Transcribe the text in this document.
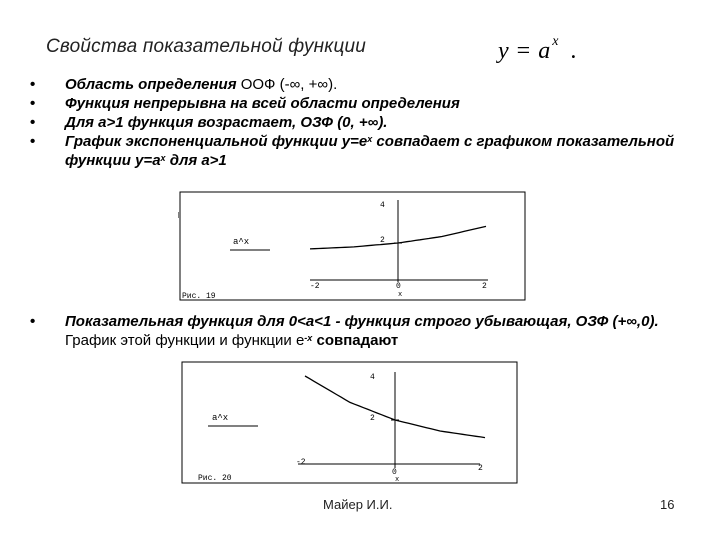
Свойства показательной функции	y = a $^x$ .
• Область определения ООФ (-∞, +∞).
• Функция непрерывна на всей области определения
• Для а>1 функция возрастает, ОЗФ (0, +∞).
• График экспоненциальной функции $y=e^x$ совпадает с графиком показательной функции $y=a^x$ для а>1
4
2
-2	0	2
x
a^x
Рис. 19
• Показательная функция для 0<a<1 - функция строго убывающая, ОЗФ (+∞,0). График этой функции и функции $e^{-x}$ совпадают
4
2
-2
0	2
x
a^x
Рис. 20
Майер И.И.	16
